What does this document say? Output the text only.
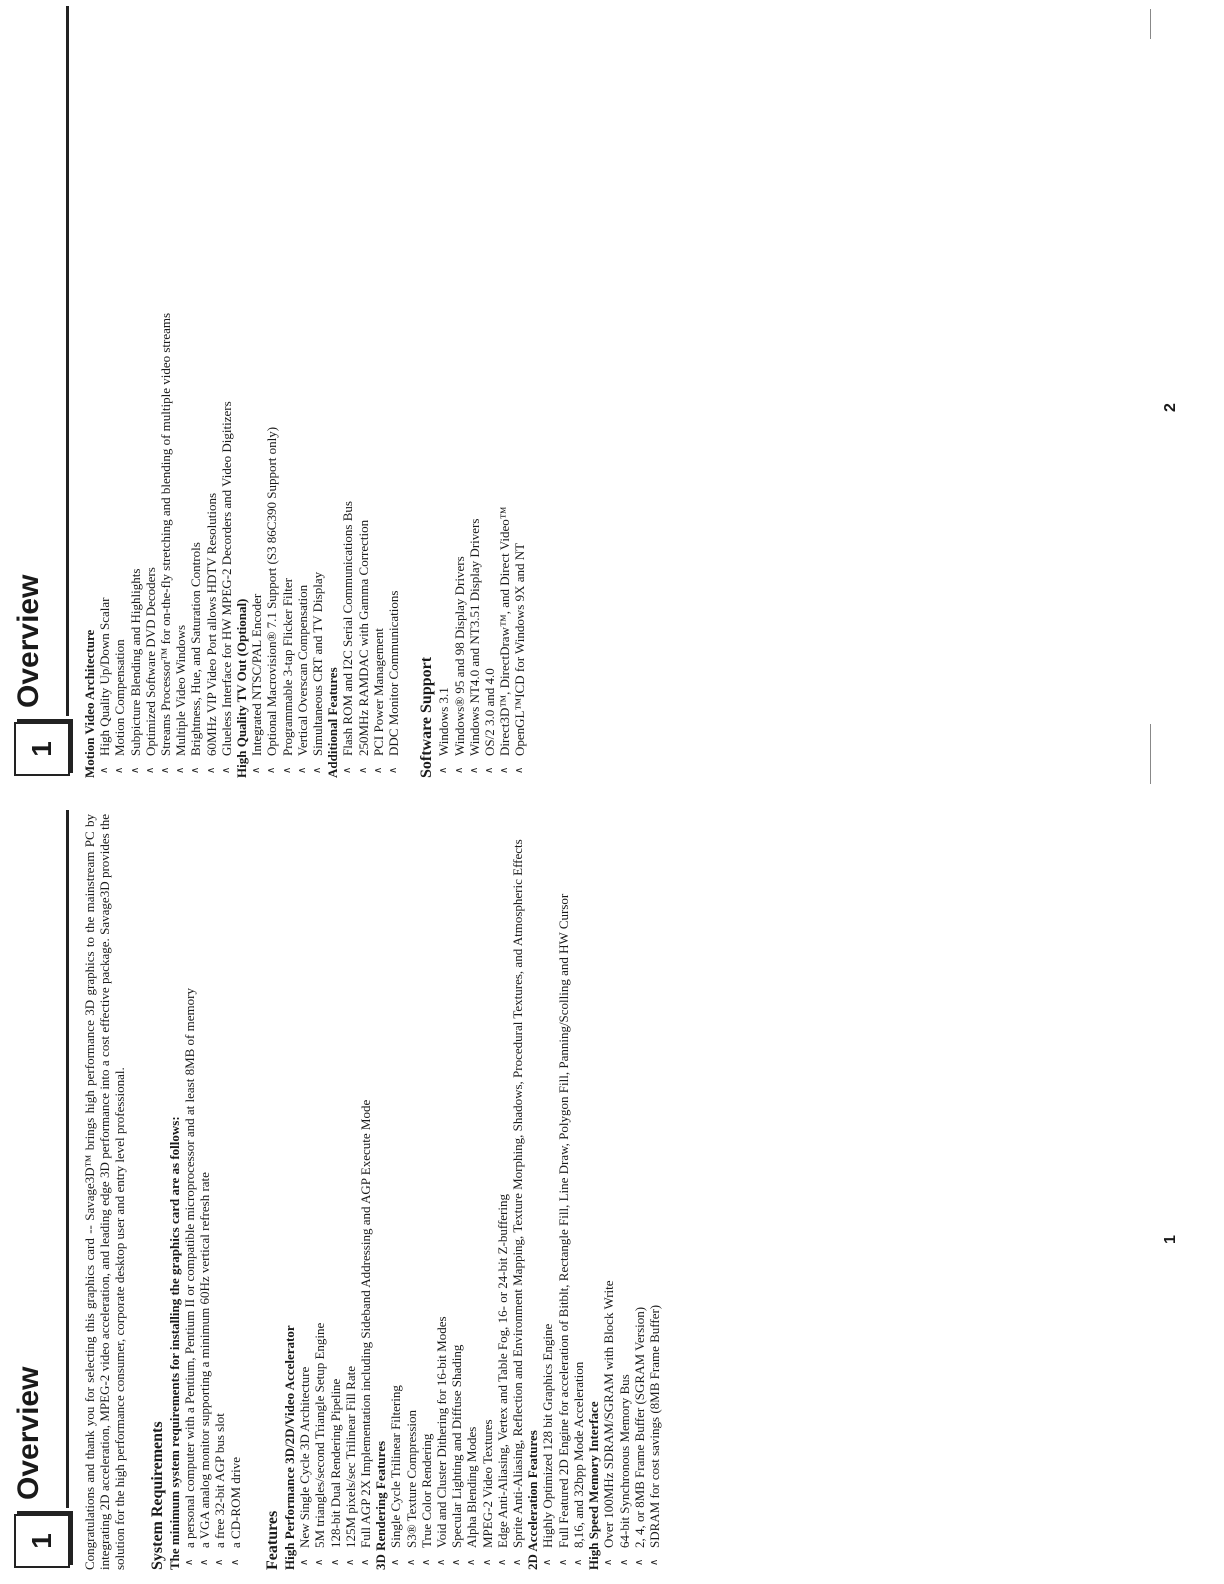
1
Overview	Congratulations and thank you for selecting this graphics card -- Savage3D™ brings high performance 3D graphics to the mainstream PC by integrating 2D acceleration, MPEG-2 video acceleration, and leading edge 3D performance into a cost effective package. Savage3D provides the solution for the high performance consumer, corporate desktop user and entry level professional. System Requirements The minimum system requirements for installing the graphics card are as follows: ∧
a personal computer with a Pentium, Pentium II or compatible microprocessor and at least 8MB of memory
∧
a VGA analog monitor supporting a minimum 60Hz vertical refresh rate
∧
a free 32-bit AGP bus slot
∧
a CD-ROM drive Features High Performance 3D/2D/Video Accelerator ∧
New Single Cycle 3D Architecture
∧
5M triangles/second Triangle Setup Engine
∧
128-bit Dual Rendering Pipeline
∧
125M pixels/sec Trilinear Fill Rate
∧
Full AGP 2X Implementation including Sideband Addressing and AGP Execute Mode 3D Rendering Features ∧
Single Cycle Trilinear Filtering
∧
S3® Texture Compression
∧
True Color Rendering
∧
Void and Cluster Dithering for 16-bit Modes
∧
Specular Lighting and Diffuse Shading
∧
Alpha Blending Modes
∧
MPEG-2 Video Textures
∧
Edge Anti-Aliasing, Vertex and Table Fog, 16- or 24-bit Z-buffering
∧
Sprite Anti-Aliasing, Reflection and Environment Mapping, Texture Morphing, Shadows, Procedural Textures, and Atmospheric Effects 2D Acceleration Features ∧
Highly Optimized 128 bit Graphics Engine
∧
Full Featured 2D Engine for acceleration of Bitblt, Rectangle Fill, Line Draw, Polygon Fill, Panning/Scolling and HW Cursor
∧
8,16, and 32bpp Mode Acceleration High Speed Memory Interface ∧
Over 100MHz SDRAM/SGRAM with Block Write
∧
64-bit Synchronous Memory Bus
∧
2, 4, or 8MB Frame Buffer (SGRAM Version)
∧
SDRAM for cost savings (8MB Frame Buffer)
1
1
Overview	Motion Video Architecture ∧
High Quality Up/Down Scalar
∧
Motion Compensation
∧
Subpicture Blending and Highlights
∧
Optimized Software DVD Decoders
∧
Streams Processor™ for on-the-fly stretching and blending of multiple video streams
∧
Multiple Video Windows
∧
Brightness, Hue, and Saturation Controls
∧
60MHz VIP Video Port allows HDTV Resolutions
∧
Glueless Interface for HW MPEG-2 Decorders and Video Digitizers High Quality TV Out (Optional) ∧
Integrated NTSC/PAL Encoder
∧
Optional Macrovision® 7.1 Support (S3 86C390 Support only)
∧
Programmable 3-tap Flicker Filter
∧
Vertical Overscan Compensation
∧
Simultaneous CRT and TV Display Additional Features ∧
Flash ROM and I2C Serial Communications Bus
∧
250MHz RAMDAC with Gamma Correction
∧
PCI Power Management
∧
DDC Monitor Communications Software Support ∧
Windows 3.1
∧
Windows® 95 and 98 Display Drivers
∧
Windows NT4.0 and NT3.51 Display Drivers
∧
OS/2 3.0 and 4.0
∧
Direct3D™, DirectDraw™, and Direct Video™
∧
OpenGL™ICD for Windows 9X and NT
2
